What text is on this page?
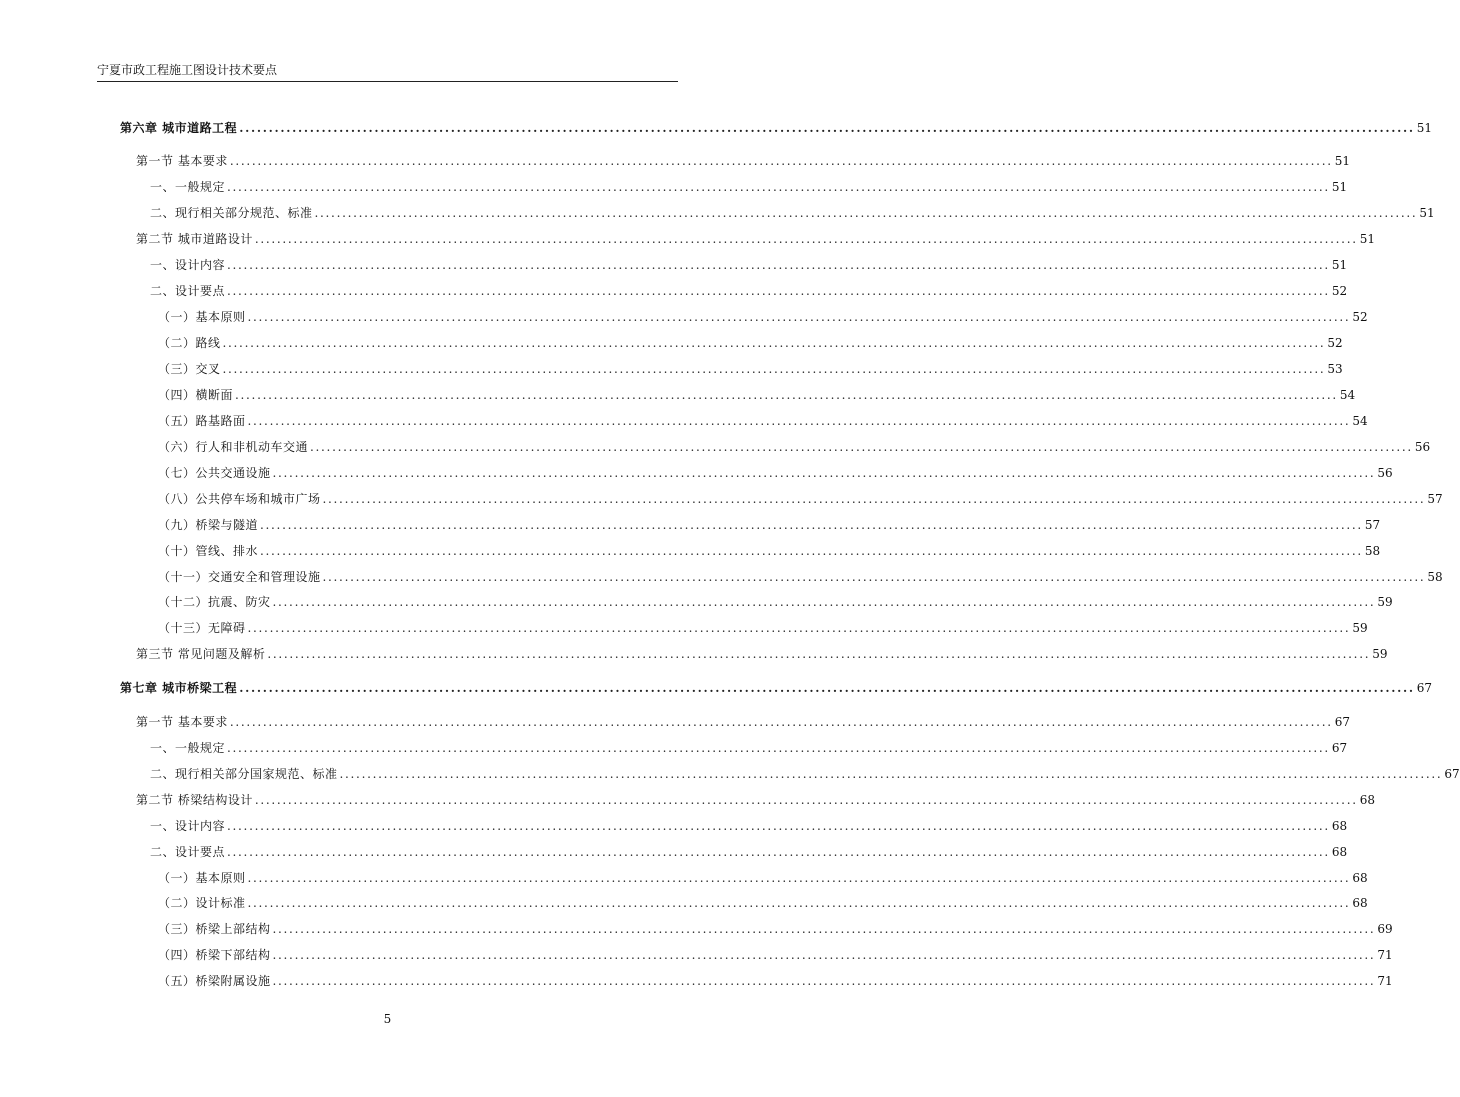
宁夏市政工程施工图设计技术要点
第六章 城市道路工程 ........................................................................................................................................................................................................ 51
第一节 基本要求 ........................................................................................................................................................................................................ 51
一、一般规定 ........................................................................................................................................................................................................ 51
二、现行相关部分规范、标准 ........................................................................................................................................................................................................ 51
第二节 城市道路设计 ........................................................................................................................................................................................................ 51
一、设计内容 ........................................................................................................................................................................................................ 51
二、设计要点 ........................................................................................................................................................................................................ 52
（一）基本原则 ........................................................................................................................................................................................................ 52
（二）路线 ........................................................................................................................................................................................................ 52
（三）交叉 ........................................................................................................................................................................................................ 53
（四）横断面 ........................................................................................................................................................................................................ 54
（五）路基路面 ........................................................................................................................................................................................................ 54
（六）行人和非机动车交通 ........................................................................................................................................................................................................ 56
（七）公共交通设施 ........................................................................................................................................................................................................ 56
（八）公共停车场和城市广场 ........................................................................................................................................................................................................ 57
（九）桥梁与隧道 ........................................................................................................................................................................................................ 57
（十）管线、排水 ........................................................................................................................................................................................................ 58
（十一）交通安全和管理设施 ........................................................................................................................................................................................................ 58
（十二）抗震、防灾 ........................................................................................................................................................................................................ 59
（十三）无障碍 ........................................................................................................................................................................................................ 59
第三节 常见问题及解析 ........................................................................................................................................................................................................ 59
第七章 城市桥梁工程 ........................................................................................................................................................................................................ 67
第一节 基本要求 ........................................................................................................................................................................................................ 67
一、一般规定 ........................................................................................................................................................................................................ 67
二、现行相关部分国家规范、标准 ........................................................................................................................................................................................................ 67
第二节 桥梁结构设计 ........................................................................................................................................................................................................ 68
一、设计内容 ........................................................................................................................................................................................................ 68
二、设计要点 ........................................................................................................................................................................................................ 68
（一）基本原则 ........................................................................................................................................................................................................ 68
（二）设计标准 ........................................................................................................................................................................................................ 68
（三）桥梁上部结构 ........................................................................................................................................................................................................ 69
（四）桥梁下部结构 ........................................................................................................................................................................................................ 71
（五）桥梁附属设施 ........................................................................................................................................................................................................ 71
5
